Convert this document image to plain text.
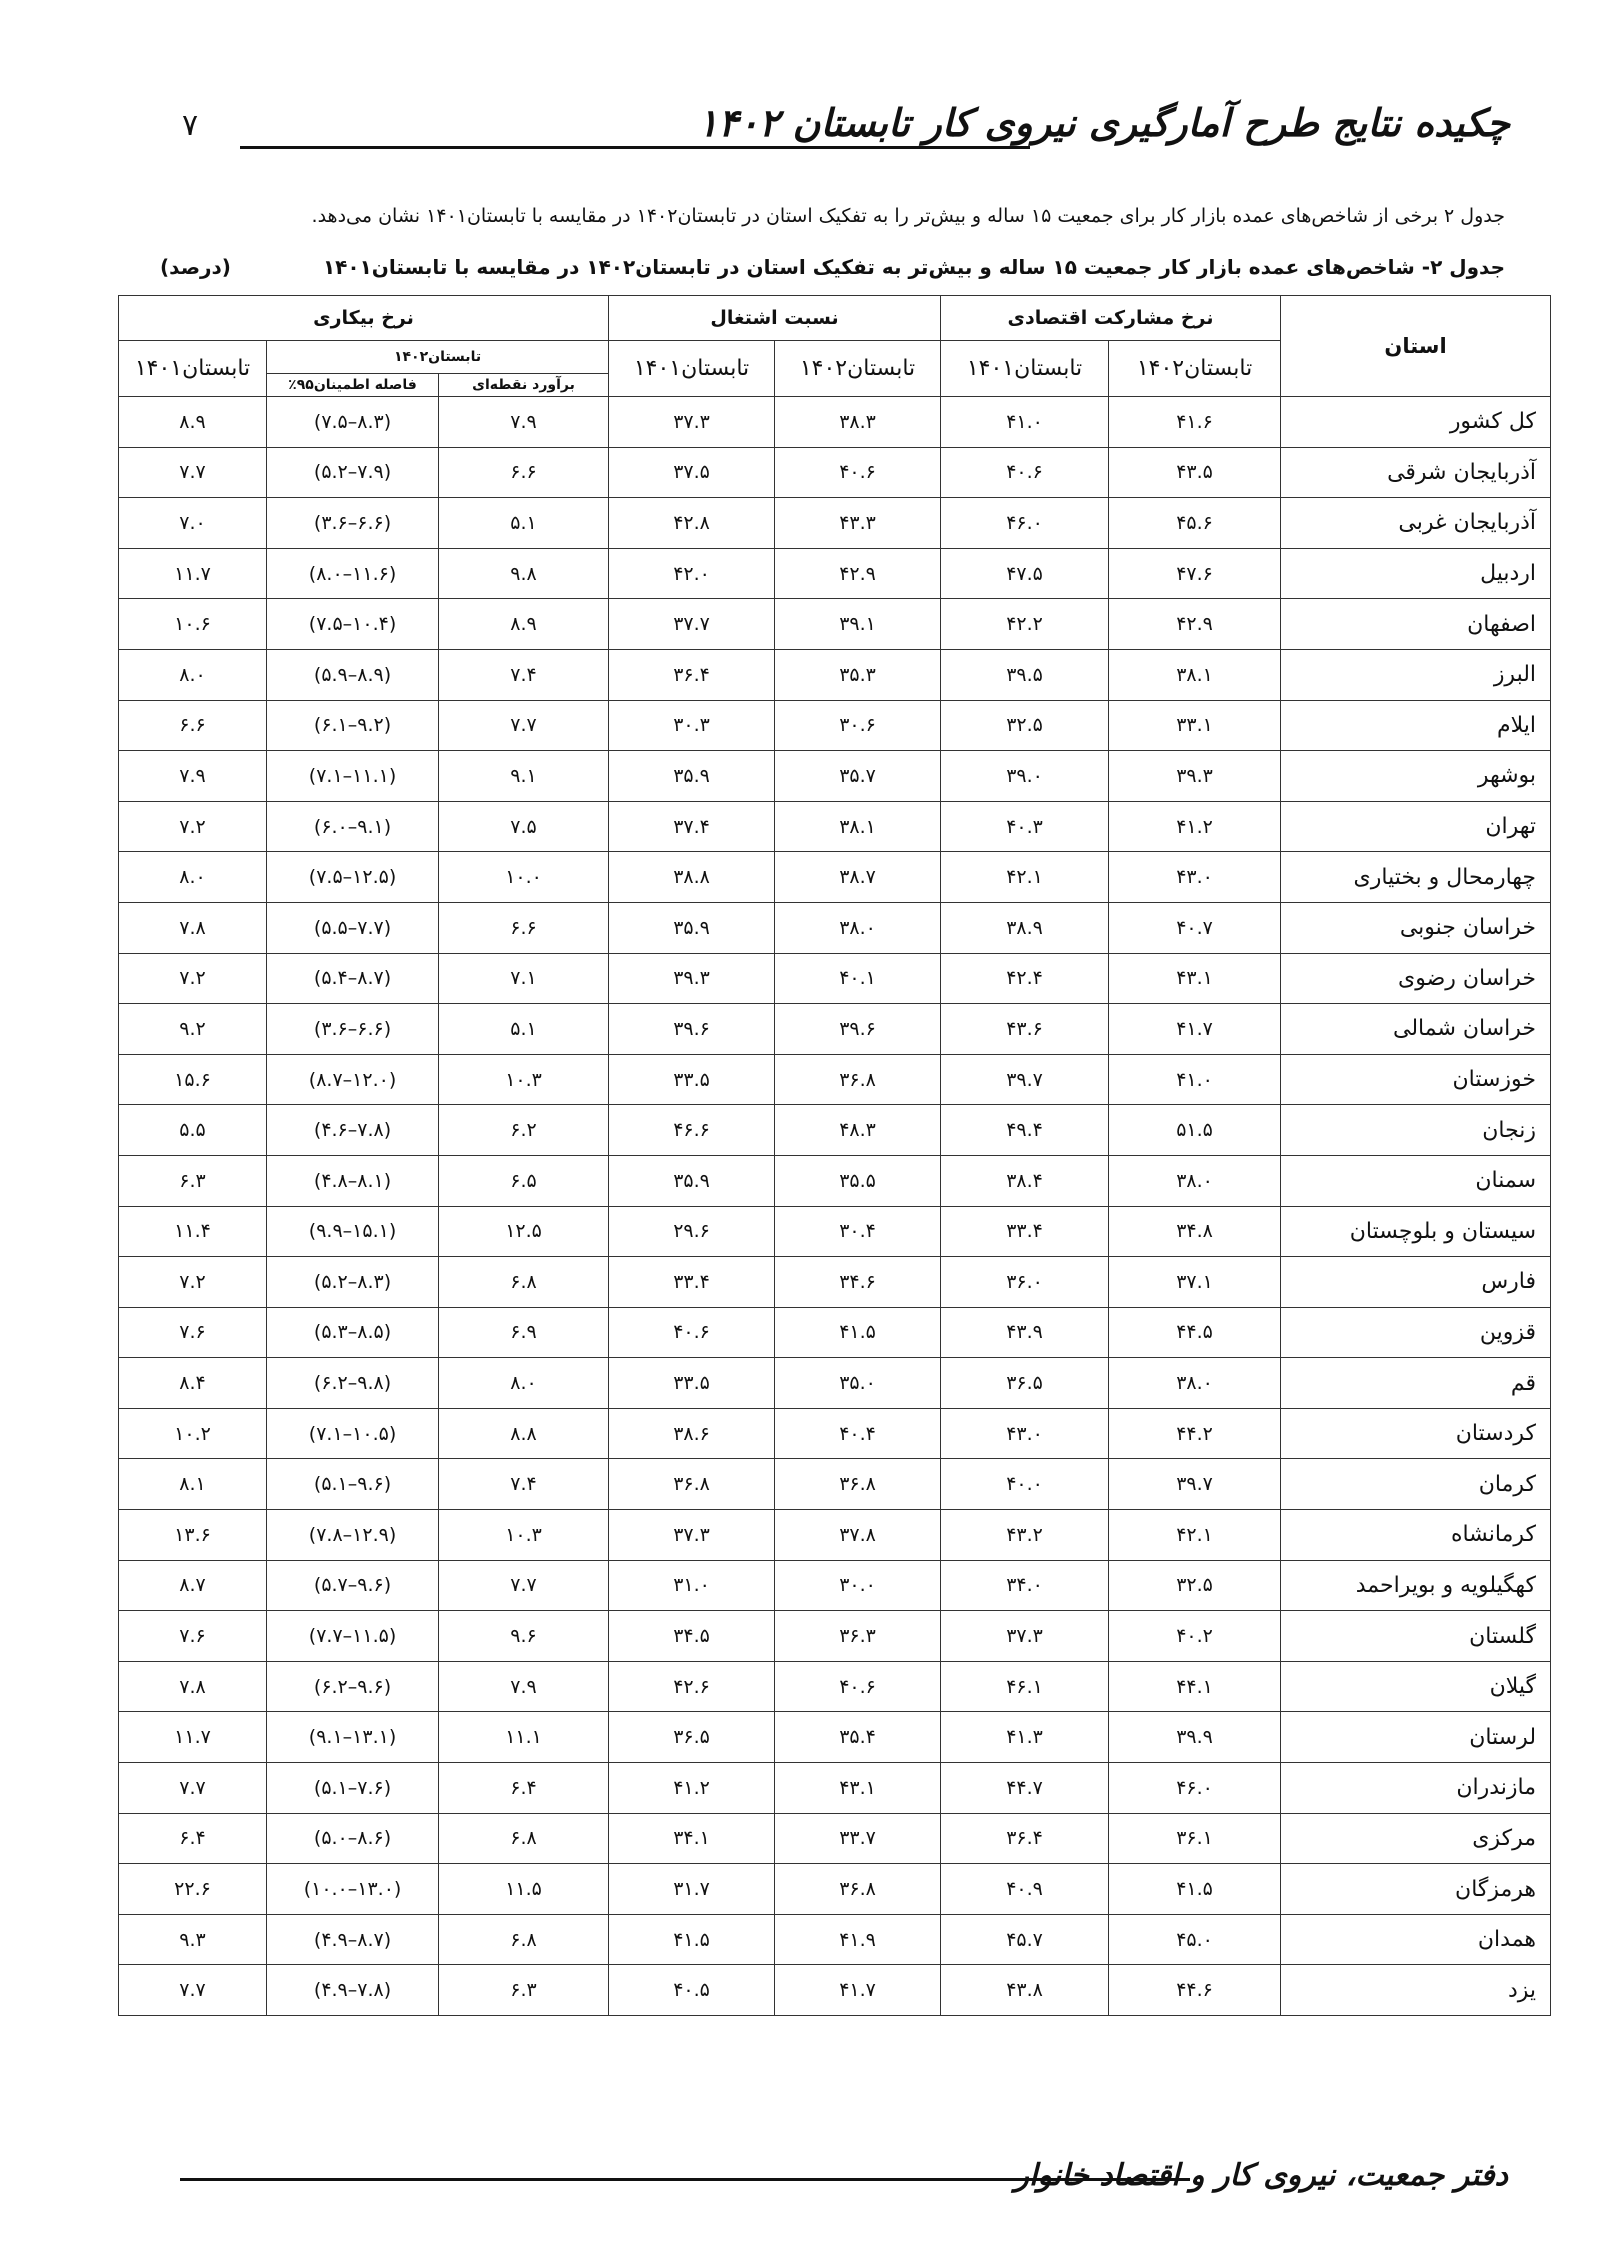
چکیده نتایج طرح آمارگیری نیروی کار تابستان ۱۴۰۲
۷
جدول ۲ برخی از شاخص‌های عمده بازار کار برای جمعیت ۱۵ ساله و بیش‌تر را به تفکیک استان در تابستان۱۴۰۲ در مقایسه با تابستان۱۴۰۱ نشان می‌دهد.
جدول ۲- شاخص‌های عمده بازار کار جمعیت ۱۵ ساله و بیش‌تر به تفکیک استان در تابستان۱۴۰۲ در مقایسه با تابستان۱۴۰۱
(درصد)
استان	نرخ مشارکت اقتصادی		نسبت اشتغال		نرخ بیکاری		
	تابستان۱۴۰۲	تابستان۱۴۰۱	تابستان۱۴۰۲	تابستان۱۴۰۱	تابستان۱۴۰۲		تابستان۱۴۰۱
					برآورد نقطه‌ای	فاصله اطمینان۹۵٪	
کل کشور	۴۱.۶	۴۱.۰	۳۸.۳	۳۷.۳	۷.۹	(۸.۳–۷.۵)	۸.۹
آذربایجان شرقی	۴۳.۵	۴۰.۶	۴۰.۶	۳۷.۵	۶.۶	(۷.۹–۵.۲)	۷.۷
آذربایجان غربی	۴۵.۶	۴۶.۰	۴۳.۳	۴۲.۸	۵.۱	(۶.۶–۳.۶)	۷.۰
اردبیل	۴۷.۶	۴۷.۵	۴۲.۹	۴۲.۰	۹.۸	(۱۱.۶–۸.۰)	۱۱.۷
اصفهان	۴۲.۹	۴۲.۲	۳۹.۱	۳۷.۷	۸.۹	(۱۰.۴–۷.۵)	۱۰.۶
البرز	۳۸.۱	۳۹.۵	۳۵.۳	۳۶.۴	۷.۴	(۸.۹–۵.۹)	۸.۰
ایلام	۳۳.۱	۳۲.۵	۳۰.۶	۳۰.۳	۷.۷	(۹.۲–۶.۱)	۶.۶
بوشهر	۳۹.۳	۳۹.۰	۳۵.۷	۳۵.۹	۹.۱	(۱۱.۱–۷.۱)	۷.۹
تهران	۴۱.۲	۴۰.۳	۳۸.۱	۳۷.۴	۷.۵	(۹.۱–۶.۰)	۷.۲
چهارمحال و بختیاری	۴۳.۰	۴۲.۱	۳۸.۷	۳۸.۸	۱۰.۰	(۱۲.۵–۷.۵)	۸.۰
خراسان جنوبی	۴۰.۷	۳۸.۹	۳۸.۰	۳۵.۹	۶.۶	(۷.۷–۵.۵)	۷.۸
خراسان رضوی	۴۳.۱	۴۲.۴	۴۰.۱	۳۹.۳	۷.۱	(۸.۷–۵.۴)	۷.۲
خراسان شمالی	۴۱.۷	۴۳.۶	۳۹.۶	۳۹.۶	۵.۱	(۶.۶–۳.۶)	۹.۲
خوزستان	۴۱.۰	۳۹.۷	۳۶.۸	۳۳.۵	۱۰.۳	(۱۲.۰–۸.۷)	۱۵.۶
زنجان	۵۱.۵	۴۹.۴	۴۸.۳	۴۶.۶	۶.۲	(۷.۸–۴.۶)	۵.۵
سمنان	۳۸.۰	۳۸.۴	۳۵.۵	۳۵.۹	۶.۵	(۸.۱–۴.۸)	۶.۳
سیستان و بلوچستان	۳۴.۸	۳۳.۴	۳۰.۴	۲۹.۶	۱۲.۵	(۱۵.۱–۹.۹)	۱۱.۴
فارس	۳۷.۱	۳۶.۰	۳۴.۶	۳۳.۴	۶.۸	(۸.۳–۵.۲)	۷.۲
قزوین	۴۴.۵	۴۳.۹	۴۱.۵	۴۰.۶	۶.۹	(۸.۵–۵.۳)	۷.۶
قم	۳۸.۰	۳۶.۵	۳۵.۰	۳۳.۵	۸.۰	(۹.۸–۶.۲)	۸.۴
کردستان	۴۴.۲	۴۳.۰	۴۰.۴	۳۸.۶	۸.۸	(۱۰.۵–۷.۱)	۱۰.۲
کرمان	۳۹.۷	۴۰.۰	۳۶.۸	۳۶.۸	۷.۴	(۹.۶–۵.۱)	۸.۱
کرمانشاه	۴۲.۱	۴۳.۲	۳۷.۸	۳۷.۳	۱۰.۳	(۱۲.۹–۷.۸)	۱۳.۶
کهگیلویه و بویراحمد	۳۲.۵	۳۴.۰	۳۰.۰	۳۱.۰	۷.۷	(۹.۶–۵.۷)	۸.۷
گلستان	۴۰.۲	۳۷.۳	۳۶.۳	۳۴.۵	۹.۶	(۱۱.۵–۷.۷)	۷.۶
گیلان	۴۴.۱	۴۶.۱	۴۰.۶	۴۲.۶	۷.۹	(۹.۶–۶.۲)	۷.۸
لرستان	۳۹.۹	۴۱.۳	۳۵.۴	۳۶.۵	۱۱.۱	(۱۳.۱–۹.۱)	۱۱.۷
مازندران	۴۶.۰	۴۴.۷	۴۳.۱	۴۱.۲	۶.۴	(۷.۶–۵.۱)	۷.۷
مرکزی	۳۶.۱	۳۶.۴	۳۳.۷	۳۴.۱	۶.۸	(۸.۶–۵.۰)	۶.۴
هرمزگان	۴۱.۵	۴۰.۹	۳۶.۸	۳۱.۷	۱۱.۵	(۱۳.۰–۱۰.۰)	۲۲.۶
همدان	۴۵.۰	۴۵.۷	۴۱.۹	۴۱.۵	۶.۸	(۸.۷–۴.۹)	۹.۳
یزد	۴۴.۶	۴۳.۸	۴۱.۷	۴۰.۵	۶.۳	(۷.۸–۴.۹)	۷.۷
دفتر جمعیت، نیروی کار و اقتصاد خانوار
